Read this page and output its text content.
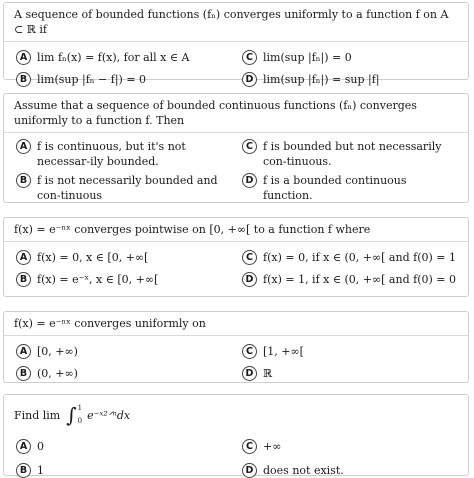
A sequence of bounded functions (fₙ) converges uniformly to a function f on A ⊂ ℝ if
A lim fₙ(x) = f(x), for all x ∈ A	C lim(sup |fₙ|) = 0
B lim(sup |fₙ − f|) = 0	D lim(sup |fₙ|) = sup |f|
Assume that a sequence of bounded continuous functions (fₙ) converges uniformly to a function f. Then
A f is continuous, but it's not necessar-ily bounded.
C f is bounded but not necessarily con-tinuous.
B f is not necessarily bounded and con-tinuous
D f is a bounded continuous function.
f(x) = e⁻ⁿˣ converges pointwise on [0, +∞[ to a function f where
A f(x) = 0, x ∈ [0, +∞[	C f(x) = 0, if x ∈ (0, +∞[ and f(0) = 1
B f(x) = e⁻ˣ, x ∈ [0, +∞[	D f(x) = 1, if x ∈ (0, +∞[ and f(0) = 0
f(x) = e⁻ⁿˣ converges uniformly on
A [0, +∞)	C [1, +∞[
B (0, +∞)	D ℝ
Find lim ∫ 1
0 e⁻ˣ²ᐟⁿdx
A 0	C +∞
B 1	D does not exist.
